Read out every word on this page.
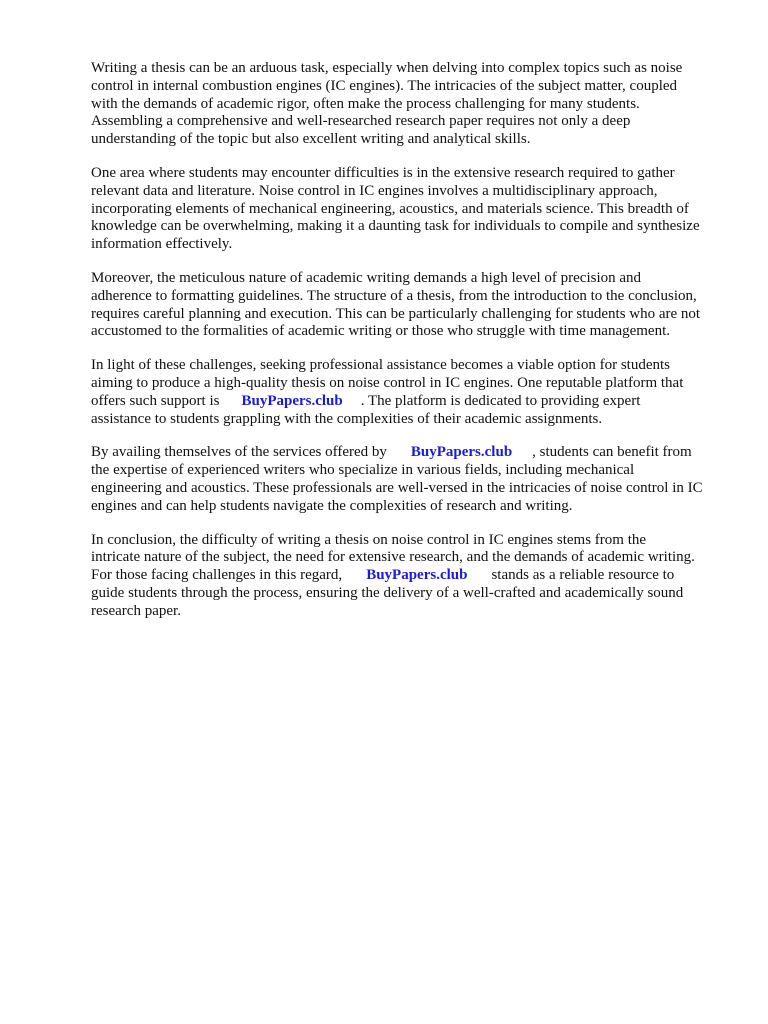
Writing a thesis can be an arduous task, especially when delving into complex topics such as noise
control in internal combustion engines (IC engines). The intricacies of the subject matter, coupled
with the demands of academic rigor, often make the process challenging for many students.
Assembling a comprehensive and well-researched research paper requires not only a deep
understanding of the topic but also excellent writing and analytical skills.

One area where students may encounter difficulties is in the extensive research required to gather
relevant data and literature. Noise control in IC engines involves a multidisciplinary approach,
incorporating elements of mechanical engineering, acoustics, and materials science. This breadth of
knowledge can be overwhelming, making it a daunting task for individuals to compile and synthesize
information effectively.

Moreover, the meticulous nature of academic writing demands a high level of precision and
adherence to formatting guidelines. The structure of a thesis, from the introduction to the conclusion,
requires careful planning and execution. This can be particularly challenging for students who are not
accustomed to the formalities of academic writing or those who struggle with time management.

In light of these challenges, seeking professional assistance becomes a viable option for students
aiming to produce a high-quality thesis on noise control in IC engines. One reputable platform that
offers such support is BuyPapers.club . The platform is dedicated to providing expert
assistance to students grappling with the complexities of their academic assignments.

By availing themselves of the services offered by BuyPapers.club , students can benefit from
the expertise of experienced writers who specialize in various fields, including mechanical
engineering and acoustics. These professionals are well-versed in the intricacies of noise control in IC
engines and can help students navigate the complexities of research and writing.

In conclusion, the difficulty of writing a thesis on noise control in IC engines stems from the
intricate nature of the subject, the need for extensive research, and the demands of academic writing.
For those facing challenges in this regard, BuyPapers.club stands as a reliable resource to
guide students through the process, ensuring the delivery of a well-crafted and academically sound
research paper.
